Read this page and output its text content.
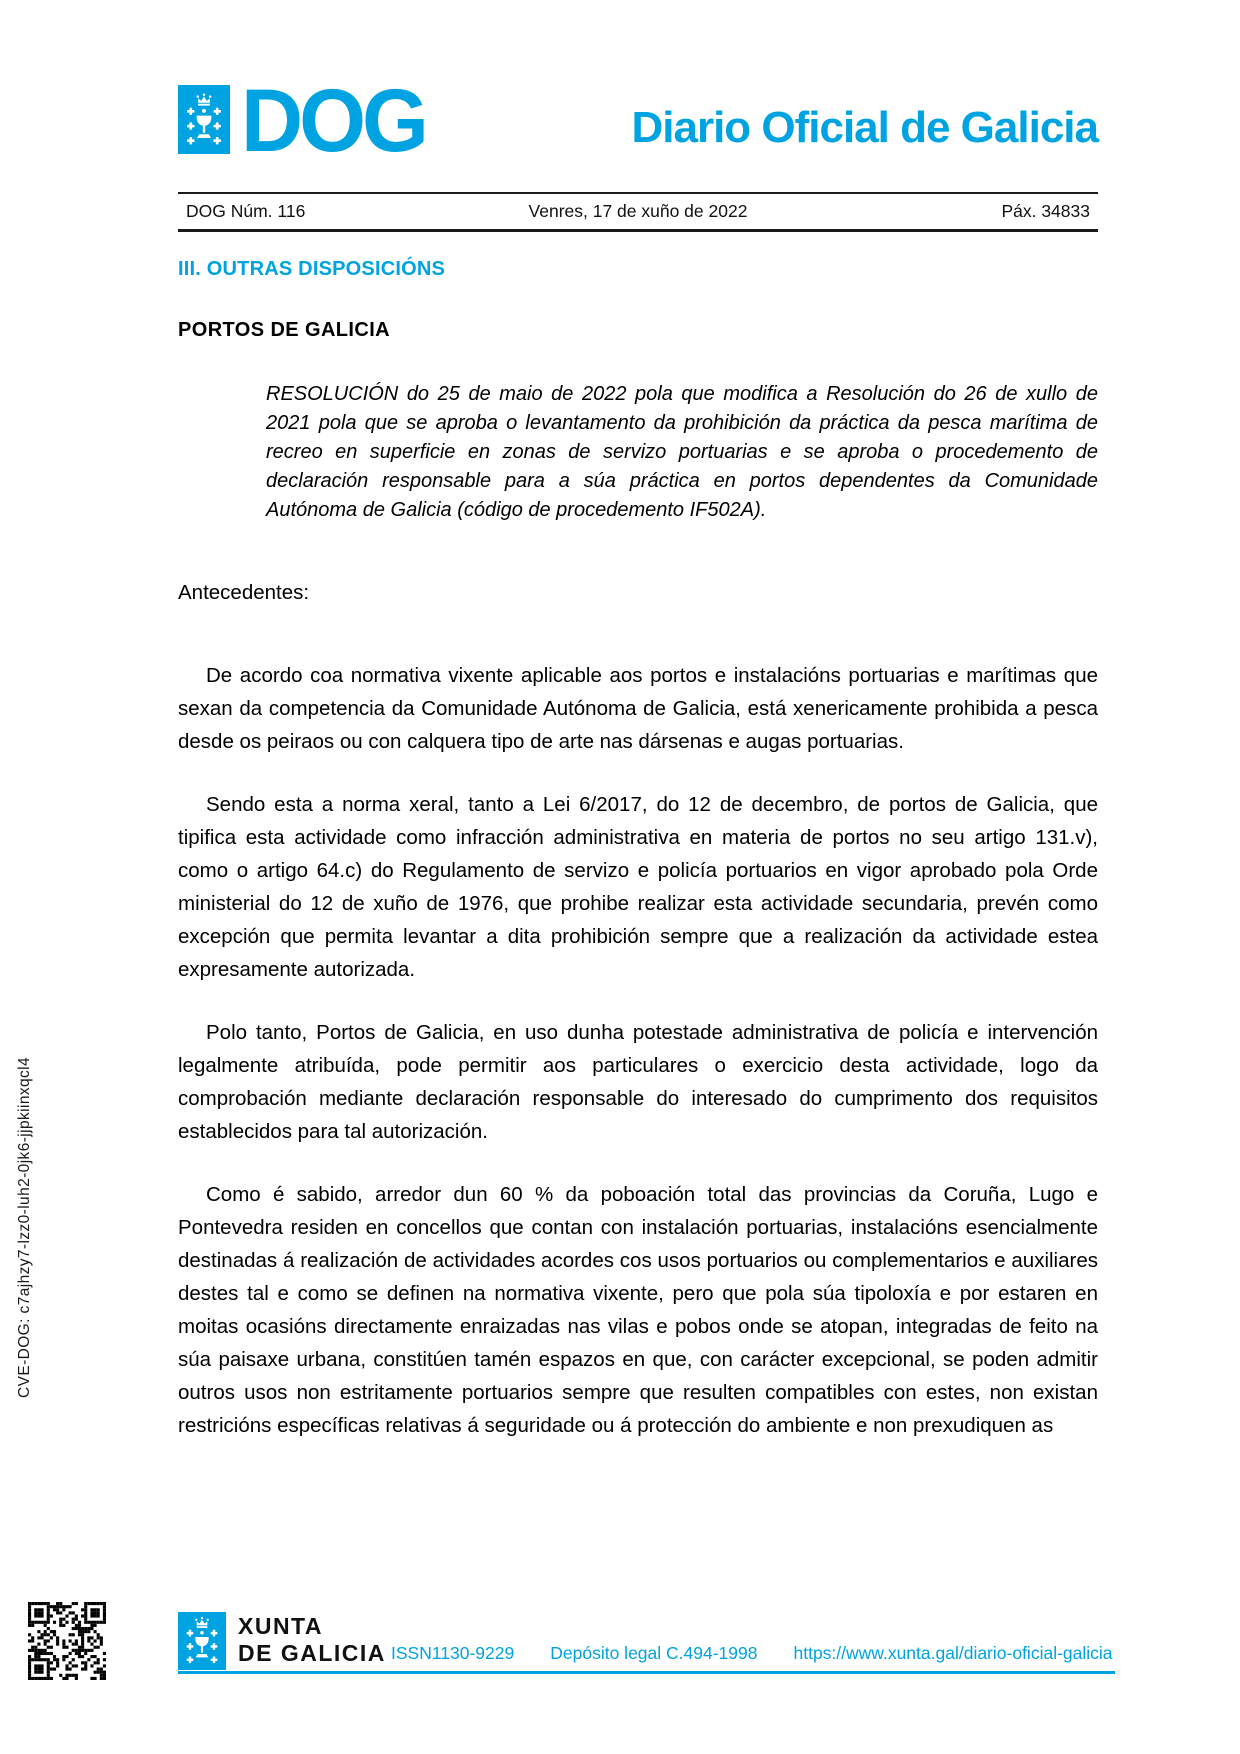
DOG	Diario Oficial de Galicia
DOG Núm. 116	Venres, 17 de xuño de 2022	Páx. 34833
III. OUTRAS DISPOSICIÓNS
PORTOS DE GALICIA
RESOLUCIÓN do 25 de maio de 2022 pola que modifica a Resolución do 26 de xullo de 2021 pola que se aproba o levantamento da prohibición da práctica da pesca marítima de recreo en superficie en zonas de servizo portuarias e se aproba o procedemento de declaración responsable para a súa práctica en portos dependentes da Comunidade Autónoma de Galicia (código de procedemento IF502A).
Antecedentes:

De acordo coa normativa vixente aplicable aos portos e instalacións portuarias e marítimas que sexan da competencia da Comunidade Autónoma de Galicia, está xenericamente prohibida a pesca desde os peiraos ou con calquera tipo de arte nas dársenas e augas portuarias.

Sendo esta a norma xeral, tanto a Lei 6/2017, do 12 de decembro, de portos de Galicia, que tipifica esta actividade como infracción administrativa en materia de portos no seu artigo 131.v), como o artigo 64.c) do Regulamento de servizo e policía portuarios en vigor aprobado pola Orde ministerial do 12 de xuño de 1976, que prohibe realizar esta actividade secundaria, prevén como excepción que permita levantar a dita prohibición sempre que a realización da actividade estea expresamente autorizada.

Polo tanto, Portos de Galicia, en uso dunha potestade administrativa de policía e intervención legalmente atribuída, pode permitir aos particulares o exercicio desta actividade, logo da comprobación mediante declaración responsable do interesado do cumprimento dos requisitos establecidos para tal autorización.

Como é sabido, arredor dun 60 % da poboación total das provincias da Coruña, Lugo e Pontevedra residen en concellos que contan con instalación portuarias, instalacións esencialmente destinadas á realización de actividades acordes cos usos portuarios ou complementarios e auxiliares destes tal e como se definen na normativa vixente, pero que pola súa tipoloxía e por estaren en moitas ocasións directamente enraizadas nas vilas e pobos onde se atopan, integradas de feito na súa paisaxe urbana, constitúen tamén espazos en que, con carácter excepcional, se poden admitir outros usos non estritamente portuarios sempre que resulten compatibles con estes, non existan restricións específicas relativas á seguridade ou á protección do ambiente e non prexudiquen as

CVE-DOG: c7ajhzy7-lzz0-luh2-0jk6-jjpkiinxqcl4
XUNTA
DE GALICIA ISSN1130-9229 Depósito legal C.494-1998 https://www.xunta.gal/diario-oficial-galicia
